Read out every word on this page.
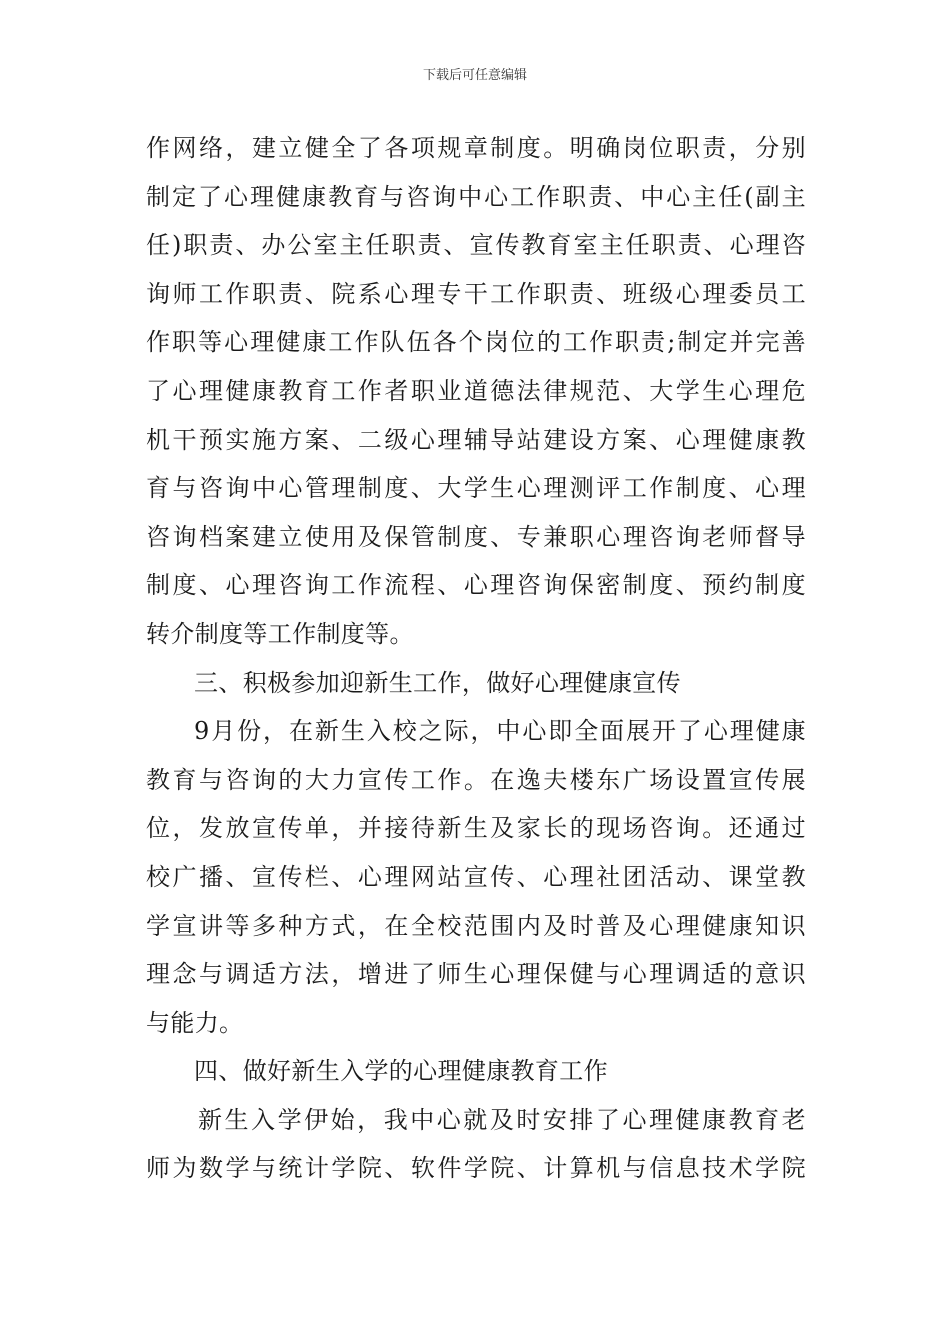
下载后可任意编辑
作网络，建立健全了各项规章制度。明确岗位职责，分别
制定了心理健康教育与咨询中心工作职责、中心主任(副主
任)职责、办公室主任职责、宣传教育室主任职责、心理咨
询师工作职责、院系心理专干工作职责、班级心理委员工
作职等心理健康工作队伍各个岗位的工作职责;制定并完善
了心理健康教育工作者职业道德法律规范、大学生心理危
机干预实施方案、二级心理辅导站建设方案、心理健康教
育与咨询中心管理制度、大学生心理测评工作制度、心理
咨询档案建立使用及保管制度、专兼职心理咨询老师督导
制度、心理咨询工作流程、心理咨询保密制度、预约制度
转介制度等工作制度等。
三、积极参加迎新生工作，做好心理健康宣传
9月份，在新生入校之际，中心即全面展开了心理健康
教育与咨询的大力宣传工作。在逸夫楼东广场设置宣传展
位，发放宣传单，并接待新生及家长的现场咨询。还通过
校广播、宣传栏、心理网站宣传、心理社团活动、课堂教
学宣讲等多种方式，在全校范围内及时普及心理健康知识
理念与调适方法，增进了师生心理保健与心理调适的意识
与能力。
四、做好新生入学的心理健康教育工作
新生入学伊始，我中心就及时安排了心理健康教育老
师为数学与统计学院、软件学院、计算机与信息技术学院
